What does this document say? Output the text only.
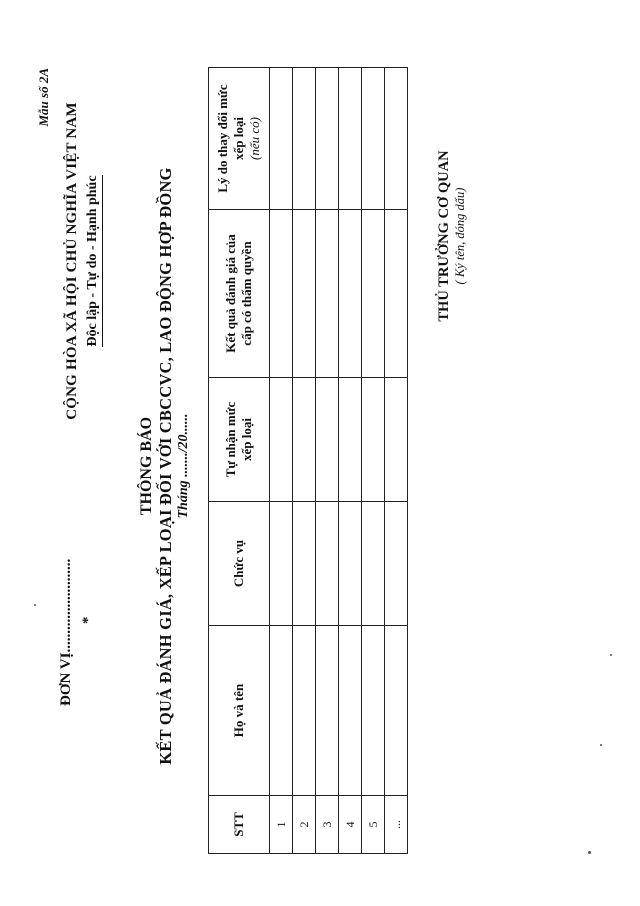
Mẫu số 2A
ĐƠN VỊ......................... *
CỘNG HÒA XÃ HỘI CHỦ NGHĨA VIỆT NAM Độc lập - Tự do - Hạnh phúc
THÔNG BÁO KẾT QUẢ ĐÁNH GIÁ, XẾP LOẠI ĐỐI VỚI CBCCVC, LAO ĐỘNG HỢP ĐỒNG Tháng ......./20......
STT	Họ và tên	Chức vụ	Tự nhận mức xếp loại	Kết quả đánh giá của cấp có thẩm quyền	Lý do thay đổi mức xếp loại (nếu có)
1					
2					
3					
4					
5					
...					
THỦ TRƯỞNG CƠ QUAN ( Ký tên, đóng dấu)
